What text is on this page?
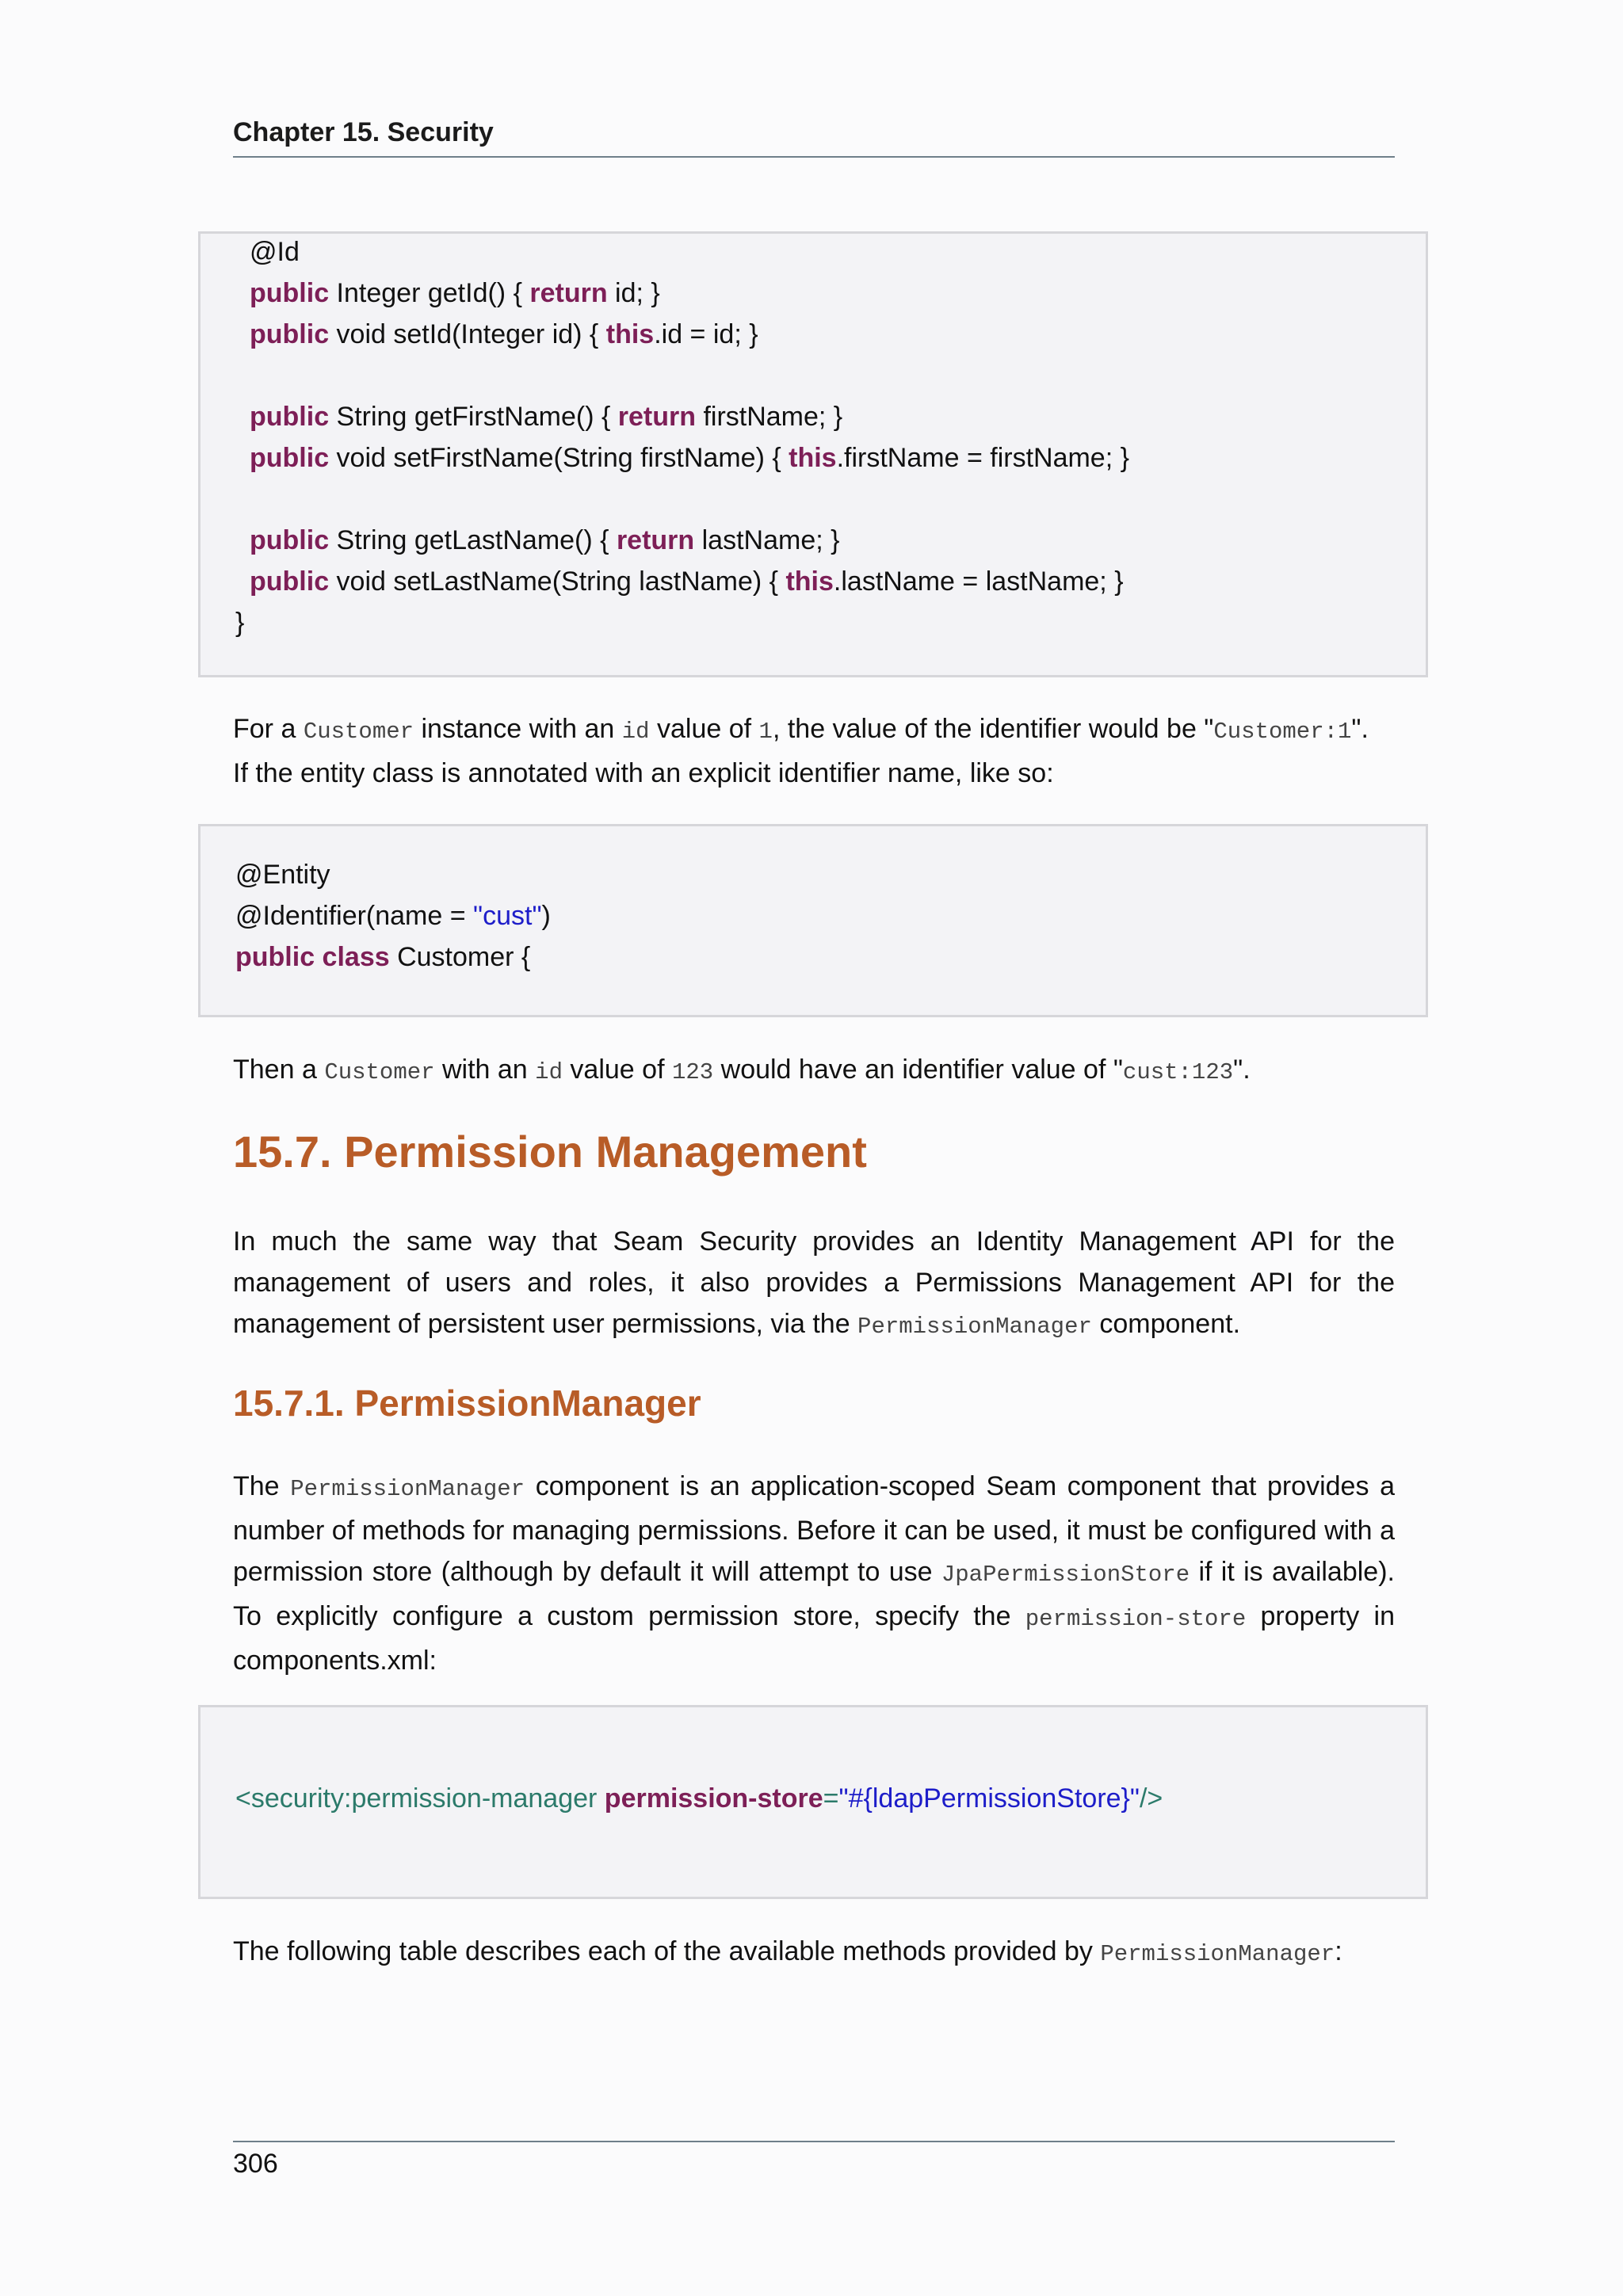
Chapter 15. Security
@Id
public Integer getId() { return id; }
public void setId(Integer id) { this.id = id; }
public String getFirstName() { return firstName; }
public void setFirstName(String firstName) { this.firstName = firstName; }
public String getLastName() { return lastName; }
public void setLastName(String lastName) { this.lastName = lastName; }
}
For a Customer instance with an id value of 1, the value of the identifier would be "Customer:1".
If the entity class is annotated with an explicit identifier name, like so:
@Entity
@Identifier(name = "cust")
public class Customer {
Then a Customer with an id value of 123 would have an identifier value of "cust:123".
15.7. Permission Management
In much the same way that Seam Security provides an Identity Management API for the management of users and roles, it also provides a Permissions Management API for the management of persistent user permissions, via the PermissionManager component.
15.7.1. PermissionManager
The PermissionManager component is an application-scoped Seam component that provides a number of methods for managing permissions. Before it can be used, it must be configured with a permission store (although by default it will attempt to use JpaPermissionStore if it is available). To explicitly configure a custom permission store, specify the permission-store property in components.xml:
<security:permission-manager permission-store="#{ldapPermissionStore}"/>
The following table describes each of the available methods provided by PermissionManager:
306
